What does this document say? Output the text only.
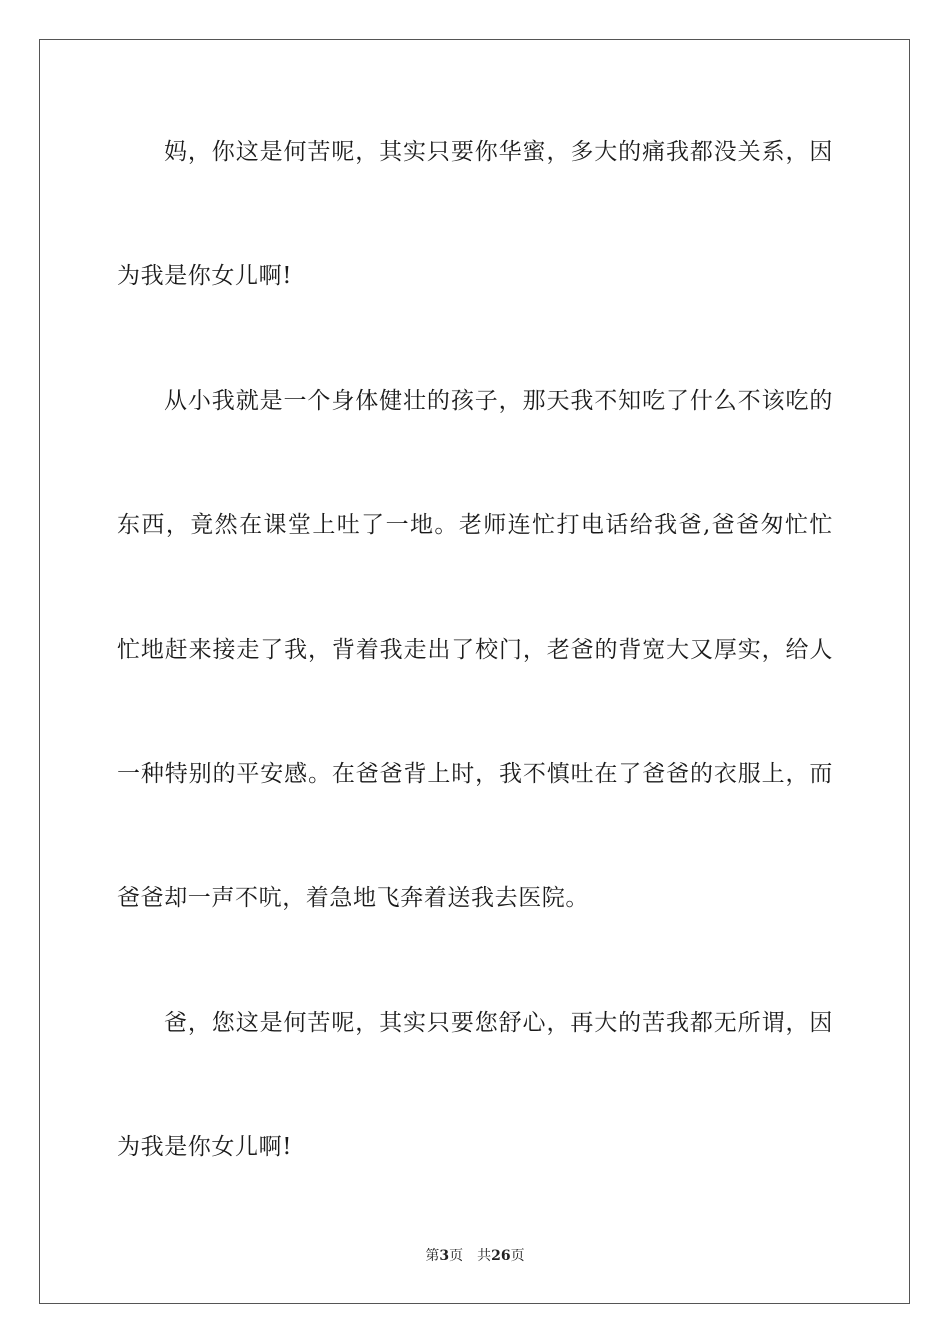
妈，你这是何苦呢，其实只要你华蜜，多大的痛我都没关系，因
为我是你女儿啊!
从小我就是一个身体健壮的孩子，那天我不知吃了什么不该吃的
东西，竟然在课堂上吐了一地。老师连忙打电话给我爸,爸爸匆忙忙
忙地赶来接走了我，背着我走出了校门，老爸的背宽大又厚实，给人
一种特别的平安感。在爸爸背上时，我不慎吐在了爸爸的衣服上，而
爸爸却一声不吭，着急地飞奔着送我去医院。
爸，您这是何苦呢，其实只要您舒心，再大的苦我都无所谓，因
为我是你女儿啊!
第3页 共26页
